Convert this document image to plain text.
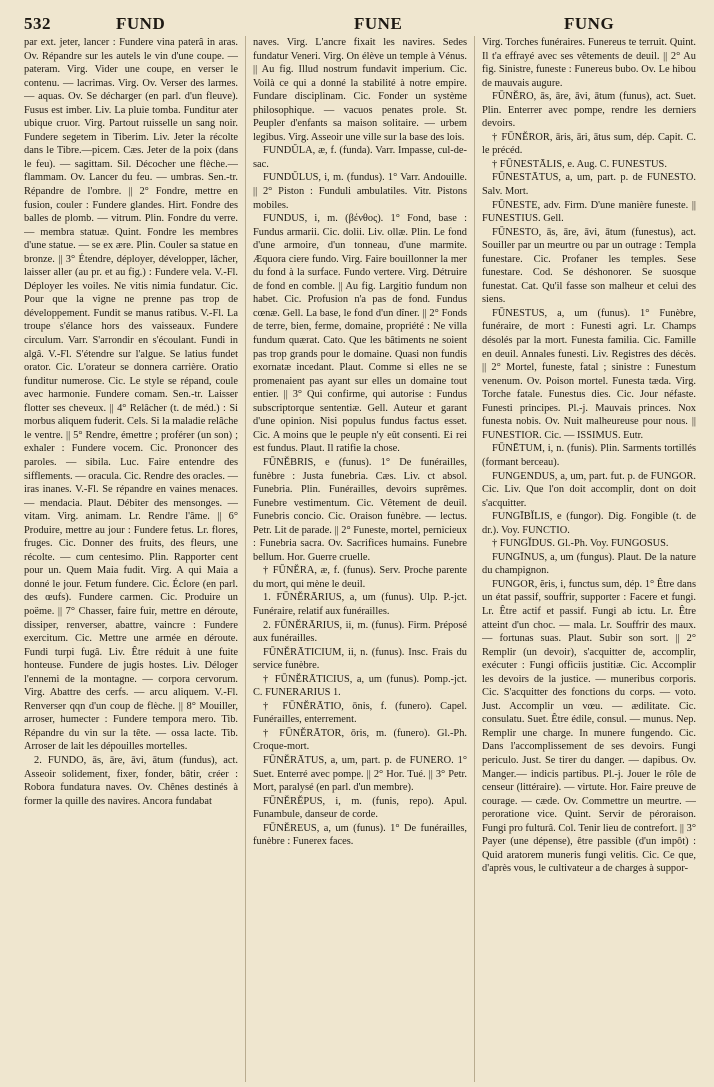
532	FUND	FUNE	FUNG

par ext. jeter, lancer : Fundere vina paterâ in aras. Ov. Répandre sur les autels le vin d'une coupe. — pateram. Virg. Vider une coupe, en verser le contenu. — lacrimas. Virg. Ov. Verser des larmes. — aquas. Ov. Se décharger (en parl. d'un fleuve). Fusus est imber. Liv. La pluie tomba. Funditur ater ubique cruor. Virg. Partout ruisselle un sang noir. Fundere segetem in Tiberim. Liv. Jeter la récolte dans le Tibre.—picem. Cæs. Jeter de la poix (dans le feu). — sagittam. Sil. Décocher une flèche.— flammam. Ov. Lancer du feu. — umbras. Sen.-tr. Répandre de l'ombre. || 2° Fondre, mettre en fusion, couler : Fundere glandes. Hirt. Fondre des balles de plomb. — vitrum. Plin. Fondre du verre. — membra statuæ. Quint. Fondre les membres d'une statue. — se ex ære. Plin. Couler sa statue en bronze. || 3° Étendre, déployer, développer, lâcher, laisser aller (au pr. et au fig.) : Fundere vela. V.-Fl. Déployer les voiles. Ne vitis nimia fundatur. Cic. Pour que la vigne ne prenne pas trop de développement. Fundit se manus ratibus. V.-Fl. La troupe s'élance hors des vaisseaux. Fundere circulum. Varr. S'arrondir en s'écoulant. Fundi in algâ. V.-Fl. S'étendre sur l'algue. Se latius fundet orator. Cic. L'orateur se donnera carrière. Oratio funditur numerose. Cic. Le style se répand, coule avec harmonie. Fundere comam. Sen.-tr. Laisser flotter ses cheveux. || 4° Relâcher (t. de méd.) : Si morbus aliquem fuderit. Cels. Si la maladie relâche le ventre. || 5° Rendre, émettre ; proférer (un son) ; exhaler : Fundere vocem. Cic. Prononcer des paroles. — sibila. Luc. Faire entendre des sifflements. — oracula. Cic. Rendre des oracles. — iras inanes. V.-Fl. Se répandre en vaines menaces. — mendacia. Plaut. Débiter des mensonges. — vitam. Virg. animam. Lr. Rendre l'âme. || 6° Produire, mettre au jour : Fundere fetus. Lr. flores, fruges. Cic. Donner des fruits, des fleurs, une récolte. — cum centesimo. Plin. Rapporter cent pour un. Quem Maia fudit. Virg. A qui Maia a donné le jour. Fetum fundere. Cic. Éclore (en parl. des œufs). Fundere carmen. Cic. Produire un poëme. || 7° Chasser, faire fuir, mettre en déroute, dissiper, renverser, abattre, vaincre : Fundere exercitum. Cic. Mettre une armée en déroute. Fundi turpi fugâ. Liv. Être réduit à une fuite honteuse. Fundere de jugis hostes. Liv. Déloger l'ennemi de la montagne. — corpora cervorum. Virg. Abattre des cerfs. — arcu aliquem. V.-Fl. Renverser qqn d'un coup de flèche. || 8° Mouiller, arroser, humecter : Fundere tempora mero. Tib. Répandre du vin sur la tête. — ossa lacte. Tib. Arroser de lait les dépouilles mortelles.

2. FUNDO, ās, āre, āvi, ātum (fundus), act. Asseoir solidement, fixer, fonder, bâtir, créer : Robora fundatura naves. Ov. Chênes destinés à former la quille des navires. Ancora fundabat

naves. Virg. L'ancre fixait les navires. Sedes fundatur Veneri. Virg. On élève un temple à Vénus. || Au fig. Illud nostrum fundavit imperium. Cic. Voilà ce qui a donné la stabilité à notre empire. Fundare disciplinam. Cic. Fonder un système philosophique. — vacuos penates prole. St. Peupler d'enfants sa maison solitaire. — urbem legibus. Virg. Asseoir une ville sur la base des lois.

FUNDŬLA, æ, f. (funda). Varr. Impasse, cul-de-sac.

FUNDŬLUS, i, m. (fundus). 1° Varr. Andouille. || 2° Piston : Funduli ambulatiles. Vitr. Pistons mobiles.

FUNDUS, i, m. (βένθος). 1° Fond, base : Fundus armarii. Cic. dolii. Liv. ollæ. Plin. Le fond d'une armoire, d'un tonneau, d'une marmite. Æquora ciere fundo. Virg. Faire bouillonner la mer du fond à la surface. Fundo vertere. Virg. Détruire de fond en comble. || Au fig. Largitio fundum non habet. Cic. Profusion n'a pas de fond. Fundus cœnæ. Gell. La base, le fond d'un dîner. || 2° Fonds de terre, bien, ferme, domaine, propriété : Ne villa fundum quærat. Cato. Que les bâtiments ne soient pas trop grands pour le domaine. Quasi non fundis exornatæ incedant. Plaut. Comme si elles ne se promenaient pas ayant sur elles un domaine tout entier. || 3° Qui confirme, qui autorise : Fundus subscriptorque sententiæ. Gell. Auteur et garant d'une opinion. Nisi populus fundus factus esset. Cic. A moins que le peuple n'y eût consenti. Ei rei est fundus. Plaut. Il ratifie la chose.

FŪNĔBRIS, e (funus). 1° De funérailles, funèbre : Justa funebria. Cæs. Liv. ct absol. Funebria. Plin. Funérailles, devoirs suprêmes. Funebre vestimentum. Cic. Vêtement de deuil. Funebris concio. Cic. Oraison funèbre. — lectus. Petr. Lit de parade. || 2° Funeste, mortel, pernicieux : Funebria sacra. Ov. Sacrifices humains. Funebre bellum. Hor. Guerre cruelle.

† FŪNĔRA, æ, f. (funus). Serv. Proche parente du mort, qui mène le deuil.

1. FŪNĔRĀRIUS, a, um (funus). Ulp. P.-jct. Funéraire, relatif aux funérailles.

2. FŪNĔRĀRIUS, ii, m. (funus). Firm. Préposé aux funérailles.

FŪNĔRĀTICIUM, ii, n. (funus). Insc. Frais du service funèbre.

† FŪNĔRĀTICIUS, a, um (funus). Pomp.-jct. C. FUNERARIUS 1.

† FŪNĔRĀTIO, ōnis, f. (funero). Capel. Funérailles, enterrement.

† FŪNĔRĀTOR, ōris, m. (funero). Gl.-Ph. Croque-mort.

FŪNĔRĀTUS, a, um, part. p. de FUNERO. 1° Suet. Enterré avec pompe. || 2° Hor. Tué. || 3° Petr. Mort, paralysé (en parl. d'un membre).

FŪNĔRĔPUS, i, m. (funis, repo). Apul. Funambule, danseur de corde.

FŪNĔREUS, a, um (funus). 1° De funérailles, funèbre : Funerex faces.

Virg. Torches funéraires. Funereus te terruit. Quint. Il t'a effrayé avec ses vêtements de deuil. || 2° Au fig. Sinistre, funeste : Funereus bubo. Ov. Le hibou de mauvais augure.

FŪNĔRO, ās, āre, āvi, ātum (funus), act. Suet. Plin. Enterrer avec pompe, rendre les derniers devoirs.

† FŪNĔROR, āris, āri, ātus sum, dép. Capit. C. le précéd.

† FŪNESTĀLIS, e. Aug. C. FUNESTUS.

FŪNESTĀTUS, a, um, part. p. de FUNESTO. Salv. Mort.

FŪNESTE, adv. Firm. D'une manière funeste. || FUNESTIUS. Gell.

FŪNESTO, ās, āre, āvi, ātum (funestus), act. Souiller par un meurtre ou par un outrage : Templa funestare. Cic. Profaner les temples. Sese funestare. Cod. Se déshonorer. Se suosque funestat. Cat. Qu'il fasse son malheur et celui des siens.

FŪNESTUS, a, um (funus). 1° Funèbre, funéraire, de mort : Funesti agri. Lr. Champs désolés par la mort. Funesta familia. Cic. Famille en deuil. Annales funesti. Liv. Registres des décès. || 2° Mortel, funeste, fatal ; sinistre : Funestum venenum. Ov. Poison mortel. Funesta tæda. Virg. Torche fatale. Funestus dies. Cic. Jour néfaste. Funesti principes. Pl.-j. Mauvais princes. Nox funesta nobis. Ov. Nuit malheureuse pour nous. || FUNESTIOR. Cic. — ISSIMUS. Eutr.

FŪNĒTUM, i, n. (funis). Plin. Sarments tortillés (formant berceau).

FUNGENDUS, a, um, part. fut. p. de FUNGOR. Cic. Liv. Que l'on doit accomplir, dont on doit s'acquitter.

FUNGĪBĬLIS, e (fungor). Dig. Fongible (t. de dr.). Voy. FUNCTIO.

† FUNGĬDUS. Gl.-Ph. Voy. FUNGOSUS.

FUNGĪNUS, a, um (fungus). Plaut. De la nature du champignon.

FUNGOR, ĕris, i, functus sum, dép. 1° Être dans un état passif, souffrir, supporter : Facere et fungi. Lr. Être actif et passif. Fungi ab ictu. Lr. Être atteint d'un choc. — mala. Lr. Souffrir des maux. — fortunas suas. Plaut. Subir son sort. || 2° Remplir (un devoir), s'acquitter de, accomplir, exécuter : Fungi officiis justitiæ. Cic. Accomplir les devoirs de la justice. — muneribus corporis. Cic. S'acquitter des fonctions du corps. — voto. Just. Accomplir un vœu. — ædilitate. Cic. consulatu. Suet. Être édile, consul. — munus. Nep. Remplir une charge. In munere fungendo. Cic. Dans l'accomplissement de ses devoirs. Fungi periculo. Just. Se tirer du danger. — dapibus. Ov. Manger.— indicis partibus. Pl.-j. Jouer le rôle de censeur (littéraire). — virtute. Hor. Faire preuve de courage. — cæde. Ov. Commettre un meurtre. — peroratione vice. Quint. Servir de péroraison. Fungi pro fulturâ. Col. Tenir lieu de contrefort. || 3° Payer (une dépense), être passible (d'un impôt) : Quid aratorem muneris fungi velitis. Cic. Ce que, d'après vous, le cultivateur a de charges à suppor-
